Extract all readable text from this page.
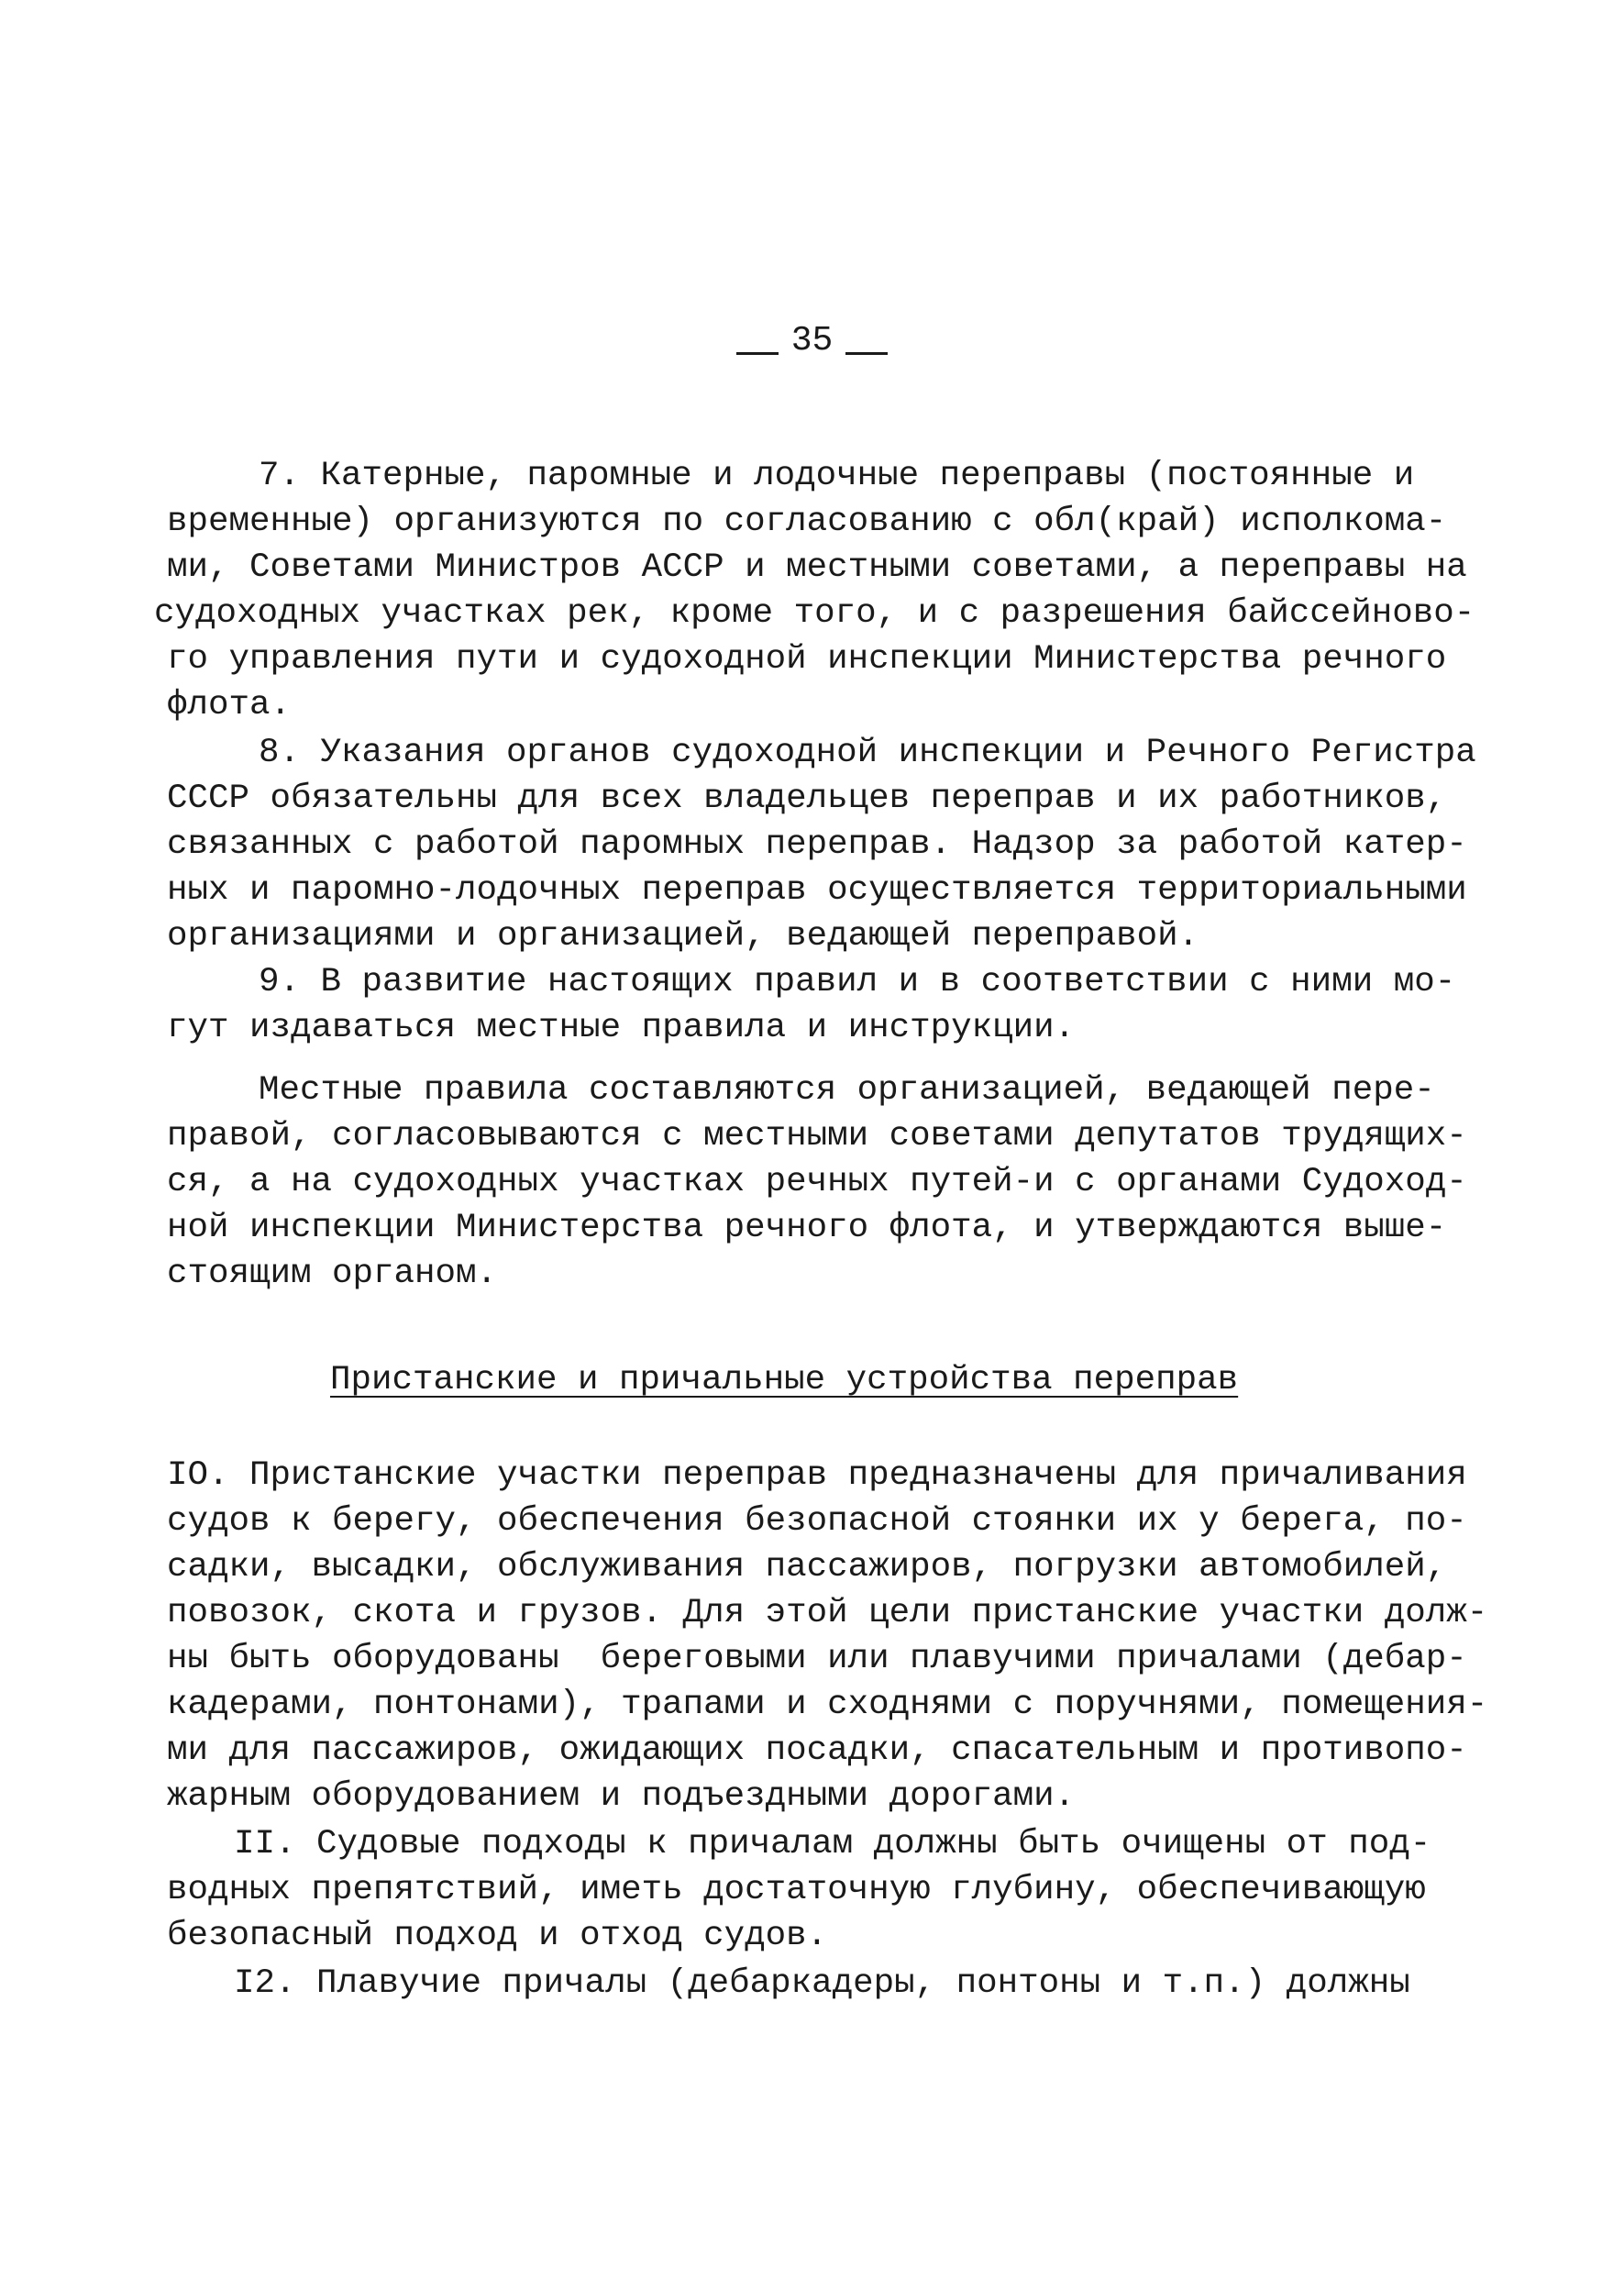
35
7. Катерные, паромные и лодочные переправы (постоянные и
временные) организуются по согласованию с обл(край) исполкома-
ми, Советами Министров АССР и местными советами, а переправы на
судоходных участках рек, кроме того, и с разрешения байссейново-
го управления пути и судоходной инспекции Министерства речного
флота.
8. Указания органов судоходной инспекции и Речного Регистра
СССР обязательны для всех владельцев переправ и их работников,
связанных с работой паромных переправ. Надзор за работой катер-
ных и паромно-лодочных переправ осуществляется территориальными
организациями и организацией, ведающей переправой.
9. В развитие настоящих правил и в соответствии с ними мо-
гут издаваться местные правила и инструкции.
Местные правила составляются организацией, ведающей пере-
правой, согласовываются с местными советами депутатов трудящих-
ся, а на судоходных участках речных путей-и с органами Судоход-
ной инспекции Министерства речного флота, и утверждаются выше-
стоящим органом.
Пристанские и причальные устройства переправ
IO. Пристанские участки переправ предназначены для причаливания
судов к берегу, обеспечения безопасной стоянки их у берега, по-
садки, высадки, обслуживания пассажиров, погрузки автомобилей,
повозок, скота и грузов. Для этой цели пристанские участки долж-
ны быть оборудованы  береговыми или плавучими причалами (дебар-
кадерами, понтонами), трапами и сходнями с поручнями, помещения-
ми для пассажиров, ожидающих посадки, спасательным и противопо-
жарным оборудованием и подъездными дорогами.
II. Судовые подходы к причалам должны быть очищены от под-
водных препятствий, иметь достаточную глубину, обеспечивающую
безопасный подход и отход судов.
I2. Плавучие причалы (дебаркадеры, понтоны и т.п.) должны
